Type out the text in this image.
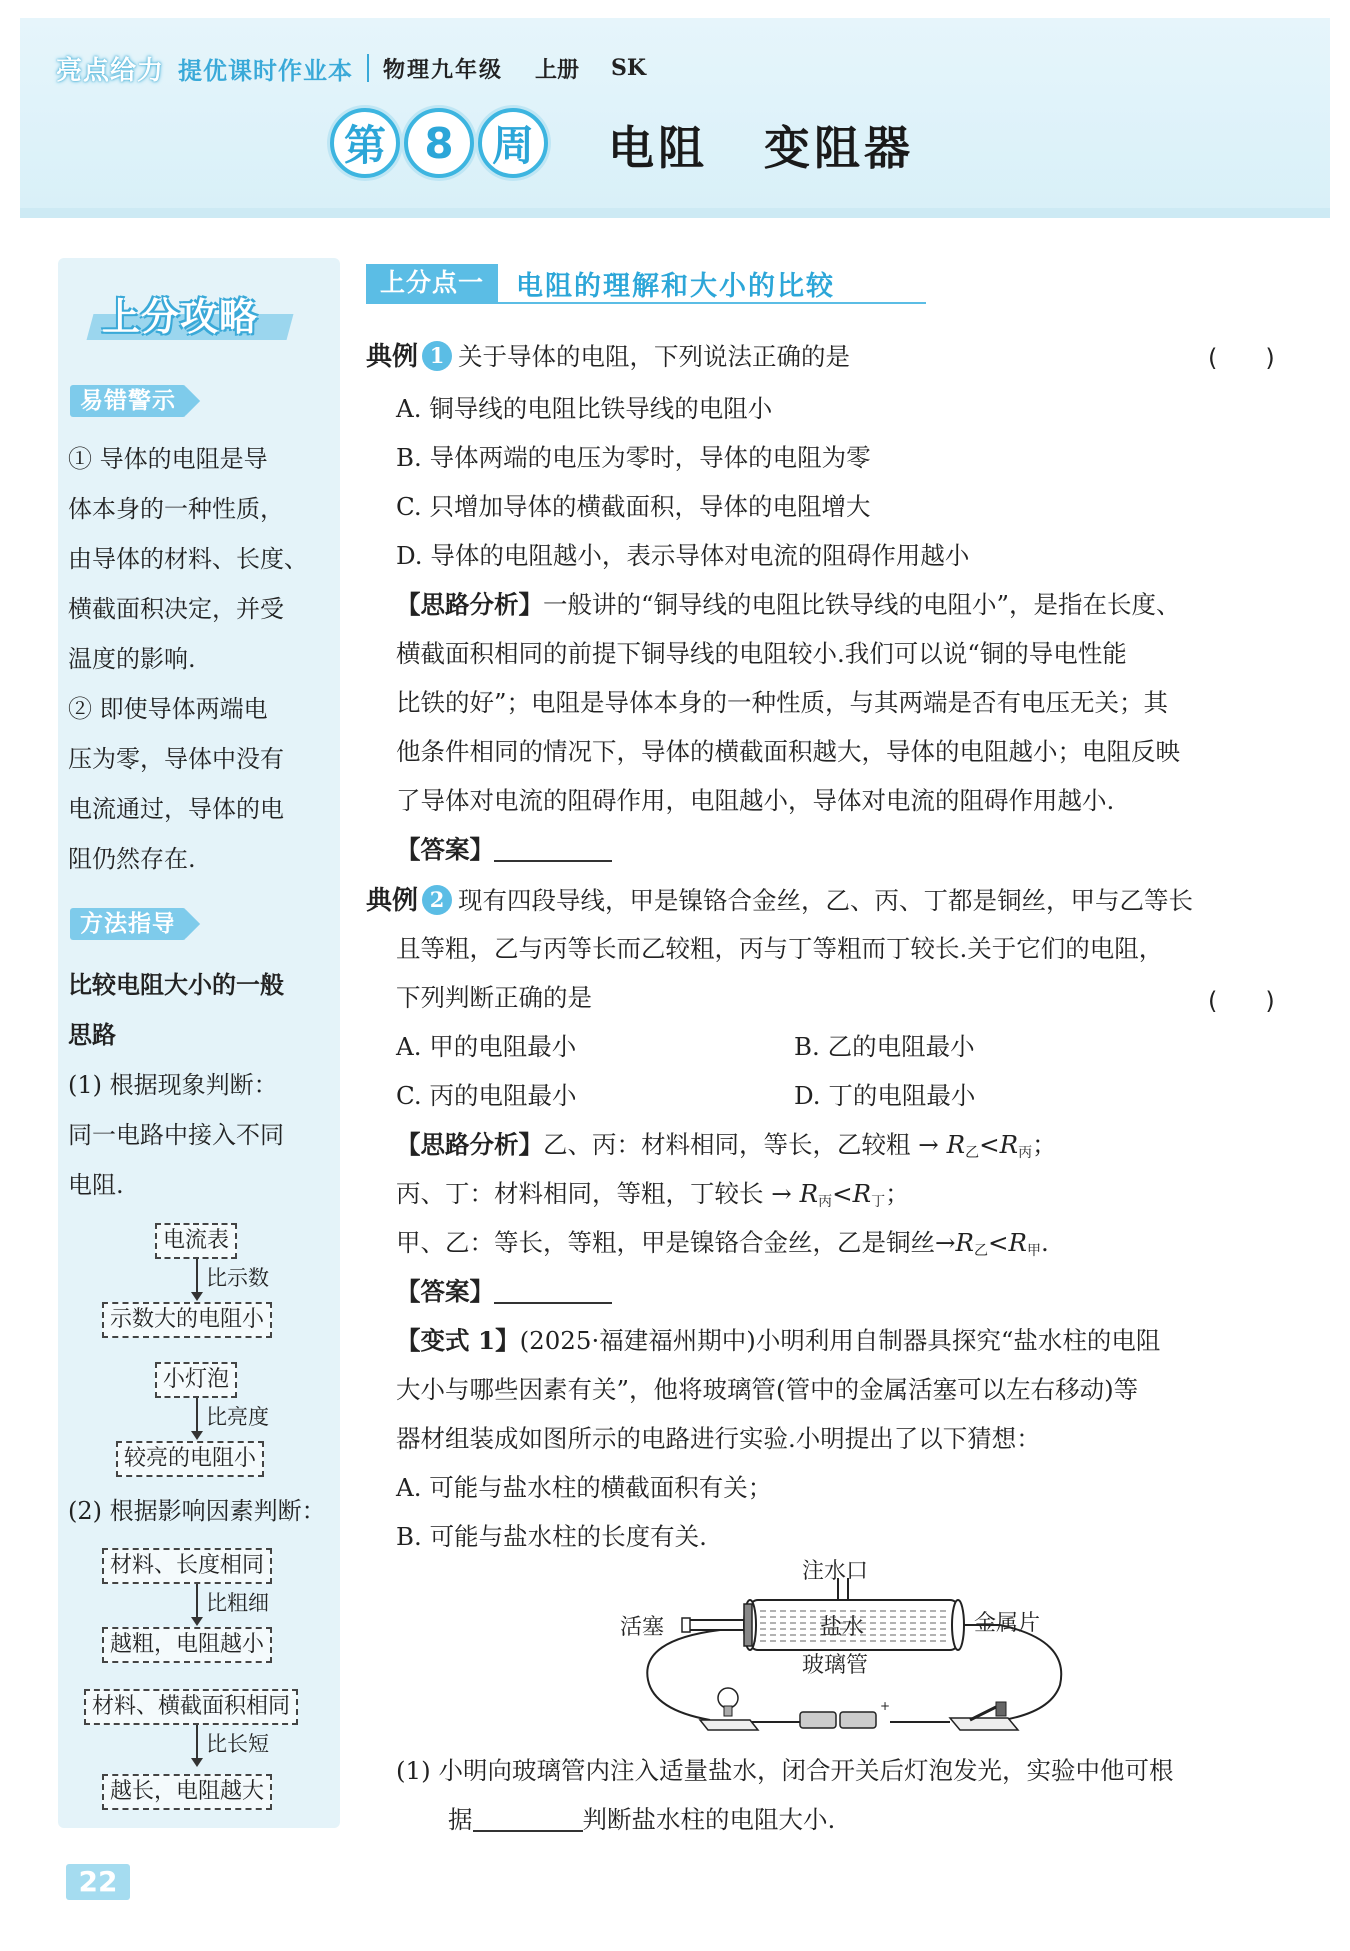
亮点给力 提优课时作业本 物理九年级 上册 SK
第 8 周	电阻 变阻器
上分攻略
易错警示
① 导体的电阻是导
体本身的一种性质，
由导体的材料、长度、
横截面积决定，并受
温度的影响.
② 即使导体两端电
压为零，导体中没有
电流通过，导体的电
阻仍然存在.
方法指导
比较电阻大小的一般
思路
(1) 根据现象判断：
同一电路中接入不同
电阻.
电流表
比示数
示数大的电阻小
小灯泡
比亮度
较亮的电阻小
(2) 根据影响因素判断：
材料、长度相同
比粗细
越粗，电阻越小
材料、横截面积相同
比长短
越长，电阻越大
22
上分点一	电阻的理解和大小的比较
典例 1 关于导体的电阻，下列说法正确的是	(　　)
A. 铜导线的电阻比铁导线的电阻小
B. 导体两端的电压为零时，导体的电阻为零
C. 只增加导体的横截面积，导体的电阻增大
D. 导体的电阻越小，表示导体对电流的阻碍作用越小
【思路分析】一般讲的“铜导线的电阻比铁导线的电阻小”，是指在长度、
横截面积相同的前提下铜导线的电阻较小.我们可以说“铜的导电性能
比铁的好”；电阻是导体本身的一种性质，与其两端是否有电压无关；其
他条件相同的情况下，导体的横截面积越大，导体的电阻越小；电阻反映
了导体对电流的阻碍作用，电阻越小，导体对电流的阻碍作用越小.
【答案】
典例 2 现有四段导线，甲是镍铬合金丝，乙、丙、丁都是铜丝，甲与乙等长
且等粗，乙与丙等长而乙较粗，丙与丁等粗而丁较长.关于它们的电阻，
下列判断正确的是	(　　)
A. 甲的电阻最小	B. 乙的电阻最小
C. 丙的电阻最小	D. 丁的电阻最小
【思路分析】乙、丙：材料相同，等长，乙较粗 → $R_乙<R_丙$；
丙、丁：材料相同，等粗，丁较长 → $R_丙<R_丁$；
甲、乙：等长，等粗，甲是镍铬合金丝，乙是铜丝$\to R_乙<R_甲$.
【答案】
【变式 1】(2025·福建福州期中)小明利用自制器具探究“盐水柱的电阻
大小与哪些因素有关”，他将玻璃管(管中的金属活塞可以左右移动)等
器材组装成如图所示的电路进行实验.小明提出了以下猜想：
A. 可能与盐水柱的横截面积有关；
B. 可能与盐水柱的长度有关.
+
注水口
活塞	盐水	金属片
玻璃管
(1) 小明向玻璃管内注入适量盐水，闭合开关后灯泡发光，实验中他可根
据	判断盐水柱的电阻大小.
